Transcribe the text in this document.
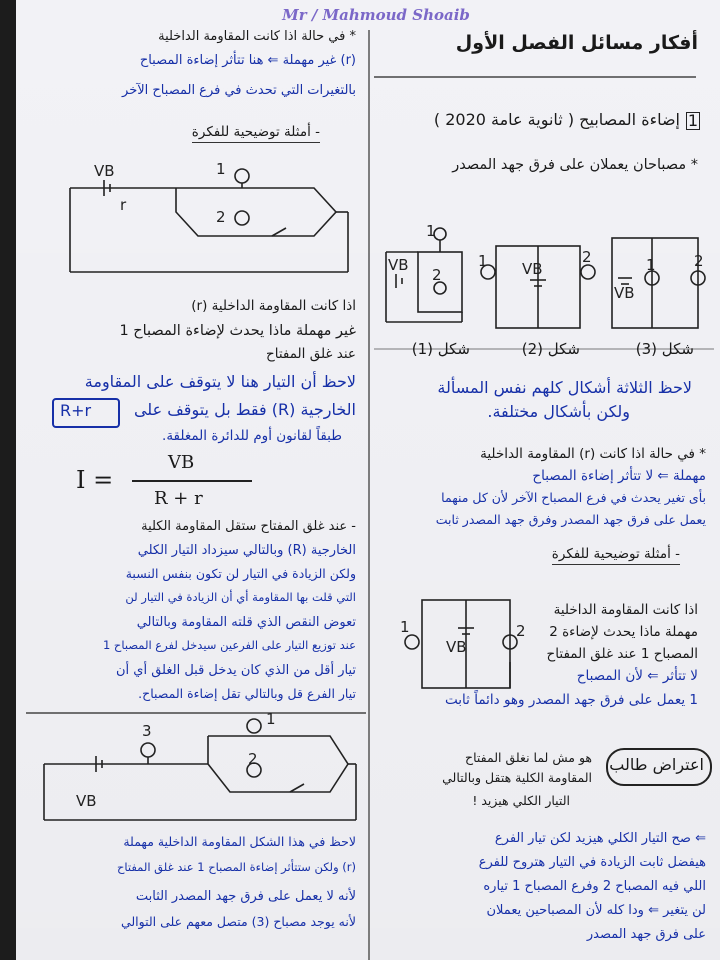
Mr / Mahmoud Shoaib
أفكار مسائل الفصل الأول
إضاءة المصابيح ( ثانوية عامة 2020 ) 1
* مصباحان يعملان على فرق جهد المصدر
VB
1
2	VB
1	2
VB
1	2
شكل (1)	شكل (2)	شكل (3)
لاحظ الثلاثة أشكال كلهم نفس المسألة
ولكن بأشكال مختلفة.
* في حالة اذا كانت (r) المقاومة الداخلية
مهملة ⇐ لا تتأثر إضاءة المصباح
بأى تغير يحدث في فرع المصباح الآخر لأن كل منهما
يعمل على فرق جهد المصدر وفرق جهد المصدر ثابت
- أمثلة توضيحية للفكرة
VB
1	2
اذا كانت المقاومة الداخلية
مهملة ماذا يحدث لإضاءة 2
المصباح 1 عند غلق المفتاح
لا تتأثر ⇐ لأن المصباح
1 يعمل على فرق جهد المصدر وهو دائماً ثابت
اعتراض طالب
هو مش لما نغلق المفتاح
المقاومة الكلية هتقل وبالتالي
التيار الكلي هيزيد !
⇐ صح التيار الكلي هيزيد لكن تيار الفرع
هيفضل ثابت الزيادة في التيار هتروح للفرع
اللي فيه المصباح 2 وفرع المصباح 1 تياره
لن يتغير ⇐ ودا كله لأن المصباحين يعملان
على فرق جهد المصدر
* في حالة اذا كانت المقاومة الداخلية
(r) غير مهملة ⇐ هنا تتأثر إضاءة المصباح
بالتغيرات التي تحدث في فرع المصباح الآخر
- أمثلة توضيحية للفكرة
VB
r
1
2
اذا كانت المقاومة الداخلية (r)
غير مهملة ماذا يحدث لإضاءة المصباح 1
عند غلق المفتاح
لاحظ أن التيار هنا لا يتوقف على المقاومة
الخارجية (R) فقط بل يتوقف على
طبقاً لقانون أوم للدائرة المغلقة.
R+r
I =
VB
R + r
- عند غلق المفتاح ستقل المقاومة الكلية
الخارجية (R) وبالتالي سيزداد التيار الكلي
ولكن الزيادة في التيار لن تكون بنفس النسبة
التي قلت بها المقاومة أي أن الزيادة في التيار لن
تعوض النقص الذي قلته المقاومة وبالتالي
عند توزيع التيار على الفرعين سيدخل لفرع المصباح 1
تيار أقل من الذي كان يدخل قبل الغلق أي أن
تيار الفرع قل وبالتالي تقل إضاءة المصباح.
VB
3
1
2
لاحظ في هذا الشكل المقاومة الداخلية مهملة
(r) ولكن ستتأثر إضاءة المصباح 1 عند غلق المفتاح
لأنه لا يعمل على فرق جهد المصدر الثابت
لأنه يوجد مصباح (3) متصل معهم على التوالي
